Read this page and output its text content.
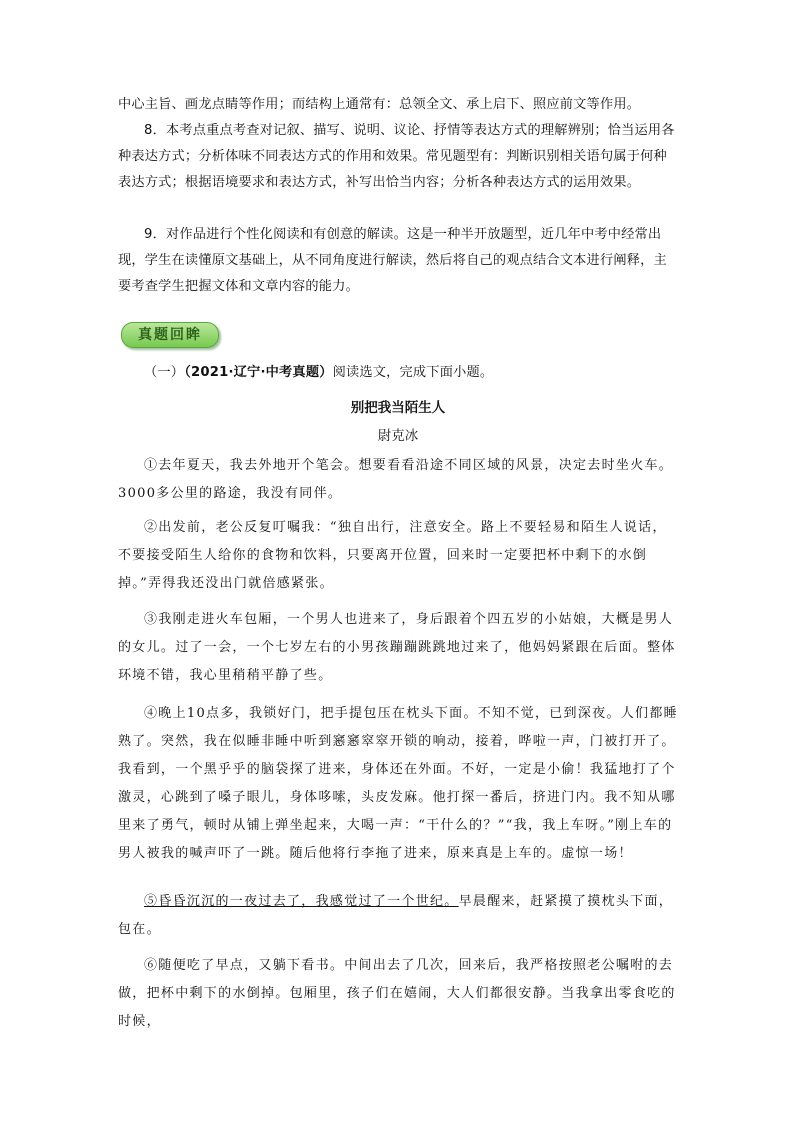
中心主旨、画龙点睛等作用；而结构上通常有：总领全文、承上启下、照应前文等作用。
8．本考点重点考查对记叙、描写、说明、议论、抒情等表达方式的理解辨别；恰当运用各种表达方式；分析体味不同表达方式的作用和效果。常见题型有：判断识别相关语句属于何种表达方式；根据语境要求和表达方式，补写出恰当内容；分析各种表达方式的运用效果。
9．对作品进行个性化阅读和有创意的解读。这是一种半开放题型，近几年中考中经常出现，学生在读懂原文基础上，从不同角度进行解读，然后将自己的观点结合文本进行阐释，主要考查学生把握文体和文章内容的能力。
真题回眸
（一）（2021·辽宁·中考真题）阅读选文，完成下面小题。
别把我当陌生人
尉克冰
①去年夏天，我去外地开个笔会。想要看看沿途不同区域的风景，决定去时坐火车。3000多公里的路途，我没有同伴。
②出发前，老公反复叮嘱我：“独自出行，注意安全。路上不要轻易和陌生人说话，不要接受陌生人给你的食物和饮料，只要离开位置，回来时一定要把杯中剩下的水倒掉。”弄得我还没出门就倍感紧张。
③我刚走进火车包厢，一个男人也进来了，身后跟着个四五岁的小姑娘，大概是男人的女儿。过了一会，一个七岁左右的小男孩蹦蹦跳跳地过来了，他妈妈紧跟在后面。整体环境不错，我心里稍稍平静了些。
④晚上10点多，我锁好门，把手提包压在枕头下面。不知不觉，已到深夜。人们都睡熟了。突然，我在似睡非睡中听到窸窸窣窣开锁的响动，接着，哗啦一声，门被打开了。我看到，一个黑乎乎的脑袋探了进来，身体还在外面。不好，一定是小偷！我猛地打了个激灵，心跳到了嗓子眼儿，身体哆嗦，头皮发麻。他打探一番后，挤进门内。我不知从哪里来了勇气，顿时从铺上弹坐起来，大喝一声：“干什么的？”“我，我上车呀。”刚上车的男人被我的喊声吓了一跳。随后他将行李拖了进来，原来真是上车的。虚惊一场！
⑤昏昏沉沉的一夜过去了，我感觉过了一个世纪。早晨醒来，赶紧摸了摸枕头下面，包在。
⑥随便吃了早点，又躺下看书。中间出去了几次，回来后，我严格按照老公嘱咐的去做，把杯中剩下的水倒掉。包厢里，孩子们在嬉闹，大人们都很安静。当我拿出零食吃的时候，
